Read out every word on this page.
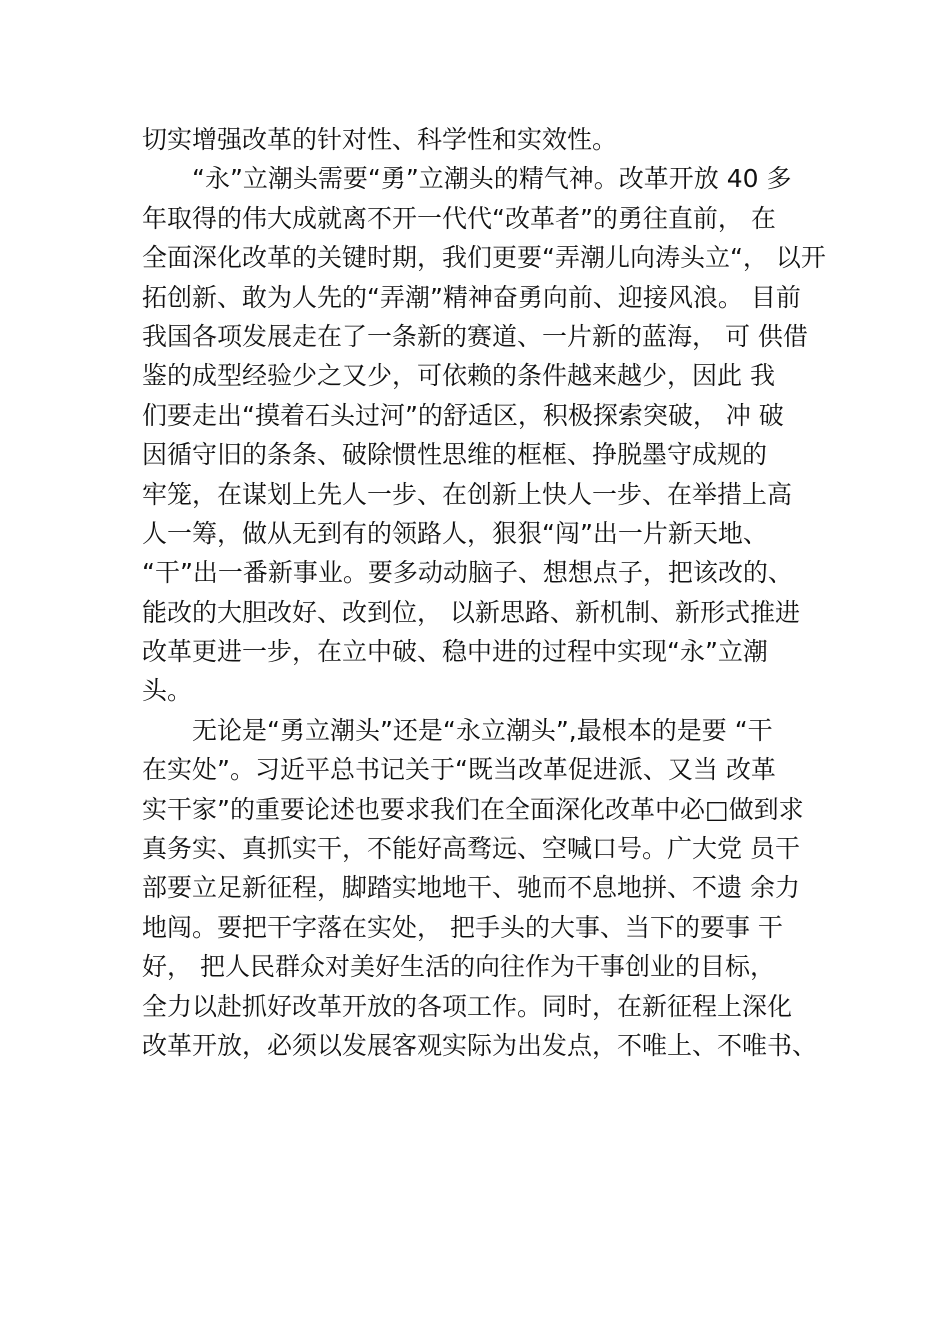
切实增强改革的针对性、科学性和实效性。
“永”立潮头需要“勇”立潮头的精气神。改革开放 40 多
年取得的伟大成就离不开一代代“改革者”的勇往直前， 在
全面深化改革的关键时期，我们更要“弄潮儿向涛头立“， 以开
拓创新、敢为人先的“弄潮”精神奋勇向前、迎接风浪。 目前
我国各项发展走在了一条新的赛道、一片新的蓝海， 可 供借
鉴的成型经验少之又少，可依赖的条件越来越少，因此 我
们要走出“摸着石头过河”的舒适区，积极探索突破， 冲 破
因循守旧的条条、破除惯性思维的框框、挣脱墨守成规的
牢笼，在谋划上先人一步、在创新上快人一步、在举措上高
人一筹，做从无到有的领路人，狠狠“闯”出一片新天地、
“干”出一番新事业。要多动动脑子、想想点子，把该改的、
能改的大胆改好、改到位， 以新思路、新机制、新形式推进
改革更进一步，在立中破、稳中进的过程中实现“永”立潮
头。
无论是“勇立潮头”还是“永立潮头”,最根本的是要 “干
在实处”。习近平总书记关于“既当改革促进派、又当 改革
实干家”的重要论述也要求我们在全面深化改革中必□做到求
真务实、真抓实干，不能好高骛远、空喊口号。广大党 员干
部要立足新征程，脚踏实地地干、驰而不息地拼、不遗 余力
地闯。要把干字落在实处， 把手头的大事、当下的要事 干
好， 把人民群众对美好生活的向往作为干事创业的目标，
全力以赴抓好改革开放的各项工作。同时，在新征程上深化
改革开放，必须以发展客观实际为出发点，不唯上、不唯书、
